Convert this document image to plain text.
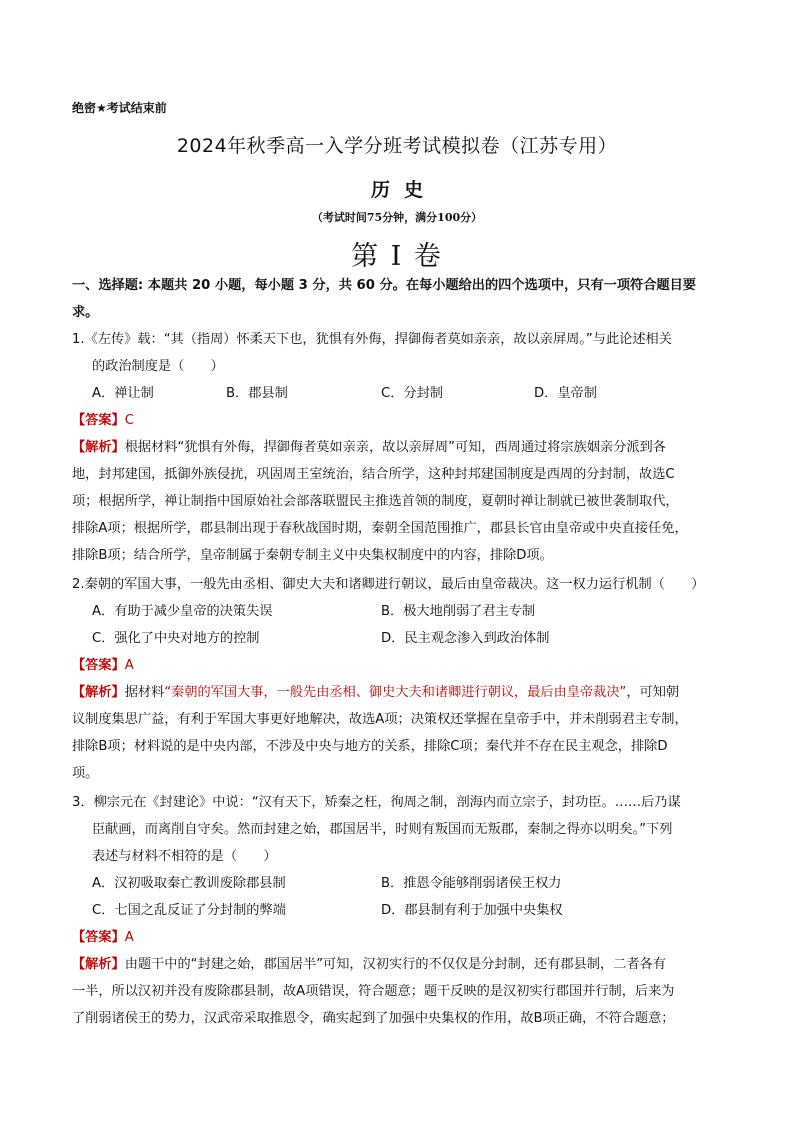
绝密★考试结束前
2024年秋季高一入学分班考试模拟卷（江苏专用）
历史
（考试时间75分钟，满分100分）
第 I 卷
一、选择题: 本题共 20 小题，每小题 3 分，共 60 分。在每小题给出的四个选项中，只有一项符合题目要
求。
1.《左传》载：“其（指周）怀柔天下也，犹惧有外侮，捍御侮者莫如亲亲，故以亲屏周。”与此论述相关
的政治制度是（　　）
A．禅让制	B．郡县制	C．分封制	D．皇帝制
【答案】C
【解析】根据材料“犹惧有外侮，捍御侮者莫如亲亲，故以亲屏周”可知，西周通过将宗族姻亲分派到各
地，封邦建国，抵御外族侵扰，巩固周王室统治，结合所学，这种封邦建国制度是西周的分封制，故选C
项；根据所学，禅让制指中国原始社会部落联盟民主推选首领的制度，夏朝时禅让制就已被世袭制取代，
排除A项；根据所学，郡县制出现于春秋战国时期，秦朝全国范围推广，郡县长官由皇帝或中央直接任免，
排除B项；结合所学，皇帝制属于秦朝专制主义中央集权制度中的内容，排除D项。
2.秦朝的军国大事，一般先由丞相、御史大夫和诸卿进行朝议，最后由皇帝裁决。这一权力运行机制（　　）
A．有助于减少皇帝的决策失误	B．极大地削弱了君主专制
C．强化了中央对地方的控制	D．民主观念渗入到政治体制
【答案】A
【解析】据材料“秦朝的军国大事，一般先由丞相、御史大夫和诸卿进行朝议，最后由皇帝裁决”，可知朝
议制度集思广益，有利于军国大事更好地解决，故选A项；决策权还掌握在皇帝手中，并未削弱君主专制，
排除B项；材料说的是中央内部，不涉及中央与地方的关系，排除C项；秦代并不存在民主观念，排除D
项。
3．柳宗元在《封建论》中说：“汉有天下，矫秦之枉，徇周之制，剖海内而立宗子，封功臣。……后乃谋
臣献画，而离削自守矣。然而封建之始，郡国居半，时则有叛国而无叛郡，秦制之得亦以明矣。”下列
表述与材料不相符的是（　　）
A．汉初吸取秦亡教训废除郡县制	B．推恩令能够削弱诸侯王权力
C．七国之乱反证了分封制的弊端	D．郡县制有利于加强中央集权
【答案】A
【解析】由题干中的“封建之始，郡国居半”可知，汉初实行的不仅仅是分封制，还有郡县制，二者各有
一半，所以汉初并没有废除郡县制，故A项错误，符合题意；题干反映的是汉初实行郡国并行制，后来为
了削弱诸侯王的势力，汉武帝采取推恩令，确实起到了加强中央集权的作用，故B项正确，不符合题意；
